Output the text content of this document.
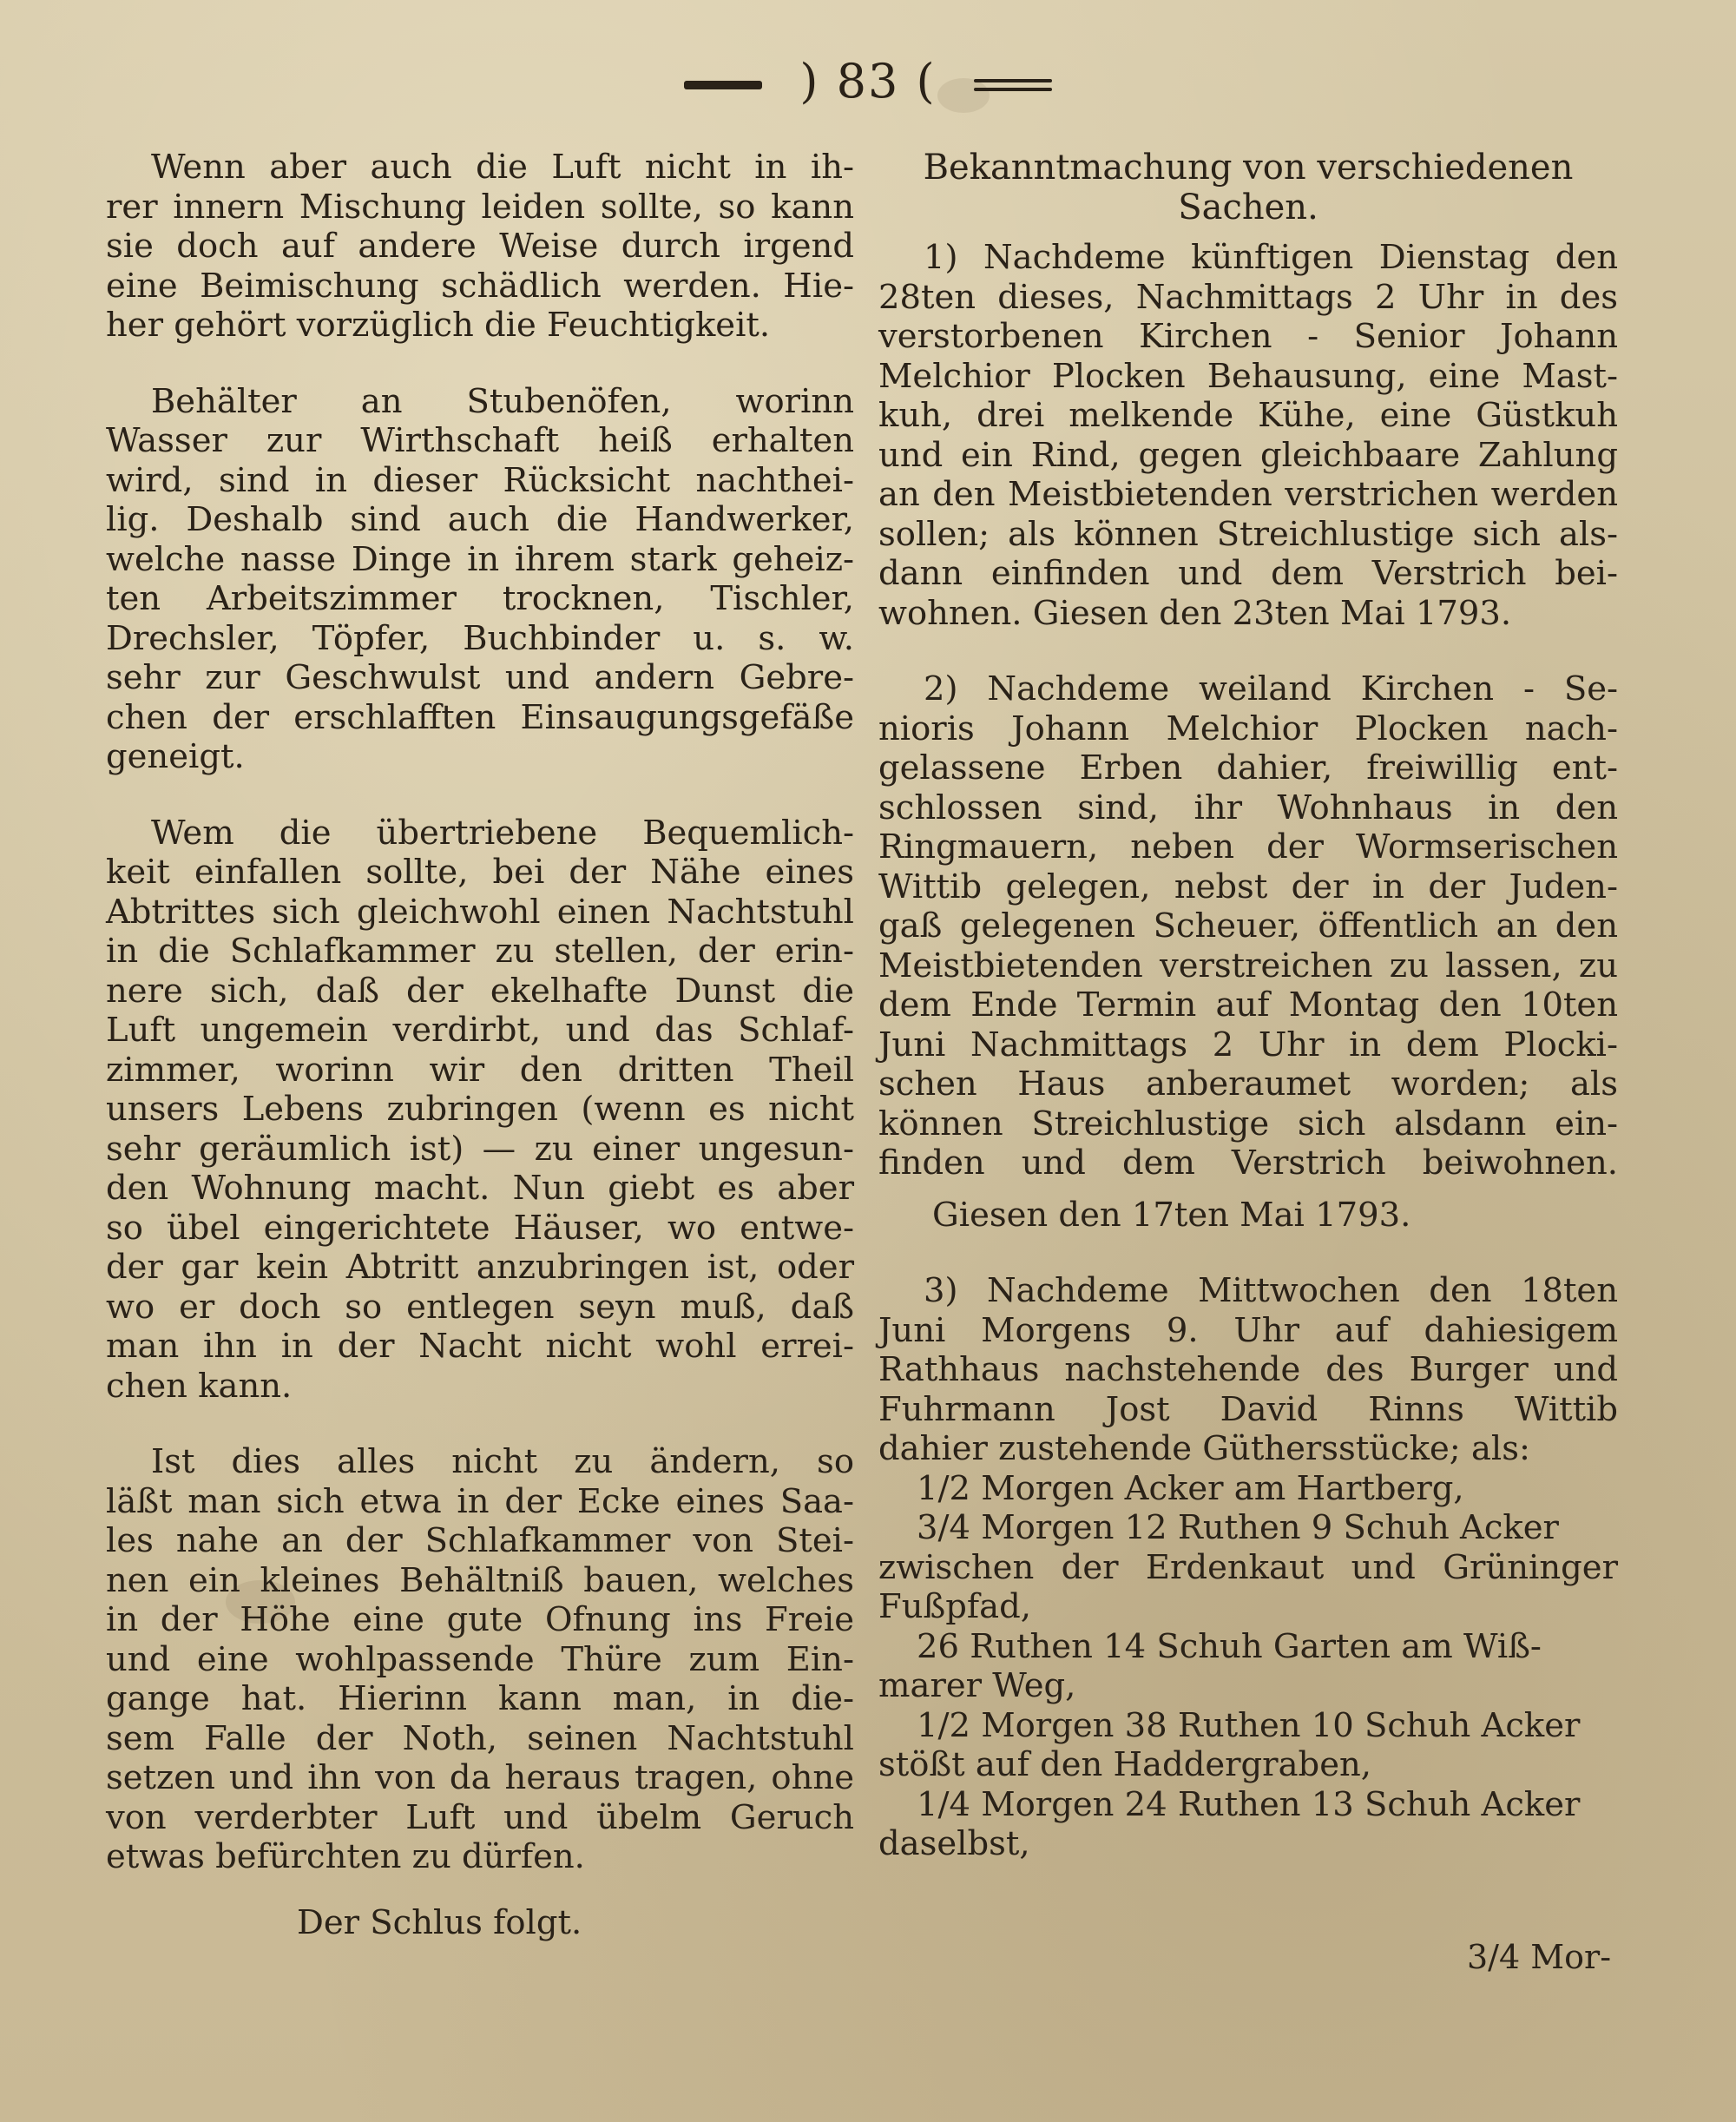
) 83 (
Wenn aber auch die Luft nicht in ih-
rer innern Mischung leiden sollte, so kann
sie doch auf andere Weise durch irgend
eine Beimischung schädlich werden. Hie-
her gehört vorzüglich die Feuchtigkeit.
Behälter an Stubenöfen, worinn
Wasser zur Wirthschaft heiß erhalten
wird, sind in dieser Rücksicht nachthei-
lig. Deshalb sind auch die Handwerker,
welche nasse Dinge in ihrem stark geheiz-
ten Arbeitszimmer trocknen, Tischler,
Drechsler, Töpfer, Buchbinder u. s. w.
sehr zur Geschwulst und andern Gebre-
chen der erschlafften Einsaugungsgefäße
geneigt.
Wem die übertriebene Bequemlich-
keit einfallen sollte, bei der Nähe eines
Abtrittes sich gleichwohl einen Nachtstuhl
in die Schlafkammer zu stellen, der erin-
nere sich, daß der ekelhafte Dunst die
Luft ungemein verdirbt, und das Schlaf-
zimmer, worinn wir den dritten Theil
unsers Lebens zubringen (wenn es nicht
sehr geräumlich ist) — zu einer ungesun-
den Wohnung macht. Nun giebt es aber
so übel eingerichtete Häuser, wo entwe-
der gar kein Abtritt anzubringen ist, oder
wo er doch so entlegen seyn muß, daß
man ihn in der Nacht nicht wohl errei-
chen kann.
Ist dies alles nicht zu ändern, so
läßt man sich etwa in der Ecke eines Saa-
les nahe an der Schlafkammer von Stei-
nen ein kleines Behältniß bauen, welches
in der Höhe eine gute Ofnung ins Freie
und eine wohlpassende Thüre zum Ein-
gange hat. Hierinn kann man, in die-
sem Falle der Noth, seinen Nachtstuhl
setzen und ihn von da heraus tragen, ohne
von verderbter Luft und übelm Geruch
etwas befürchten zu dürfen.
Der Schlus folgt.
Bekanntmachung von verschiedenen
Sachen.
1) Nachdeme künftigen Dienstag den
28ten dieses, Nachmittags 2 Uhr in des
verstorbenen Kirchen - Senior Johann
Melchior Plocken Behausung, eine Mast-
kuh, drei melkende Kühe, eine Güstkuh
und ein Rind, gegen gleichbaare Zahlung
an den Meistbietenden verstrichen werden
sollen; als können Streichlustige sich als-
dann einfinden und dem Verstrich bei-
wohnen. Giesen den 23ten Mai 1793.
2) Nachdeme weiland Kirchen - Se-
nioris Johann Melchior Plocken nach-
gelassene Erben dahier, freiwillig ent-
schlossen sind, ihr Wohnhaus in den
Ringmauern, neben der Wormserischen
Wittib gelegen, nebst der in der Juden-
gaß gelegenen Scheuer, öffentlich an den
Meistbietenden verstreichen zu lassen, zu
dem Ende Termin auf Montag den 10ten
Juni Nachmittags 2 Uhr in dem Plocki-
schen Haus anberaumet worden; als
können Streichlustige sich alsdann ein-
finden und dem Verstrich beiwohnen.
Giesen den 17ten Mai 1793.
3) Nachdeme Mittwochen den 18ten
Juni Morgens 9. Uhr auf dahiesigem
Rathhaus nachstehende des Burger und
Fuhrmann Jost David Rinns Wittib
dahier zustehende Güthersstücke; als:
1/2 Morgen Acker am Hartberg,
3/4 Morgen 12 Ruthen 9 Schuh Acker
zwischen der Erdenkaut und Grüninger
Fußpfad,
26 Ruthen 14 Schuh Garten am Wiß-
marer Weg,
1/2 Morgen 38 Ruthen 10 Schuh Acker
stößt auf den Haddergraben,
1/4 Morgen 24 Ruthen 13 Schuh Acker
daselbst,
3/4 Mor-
